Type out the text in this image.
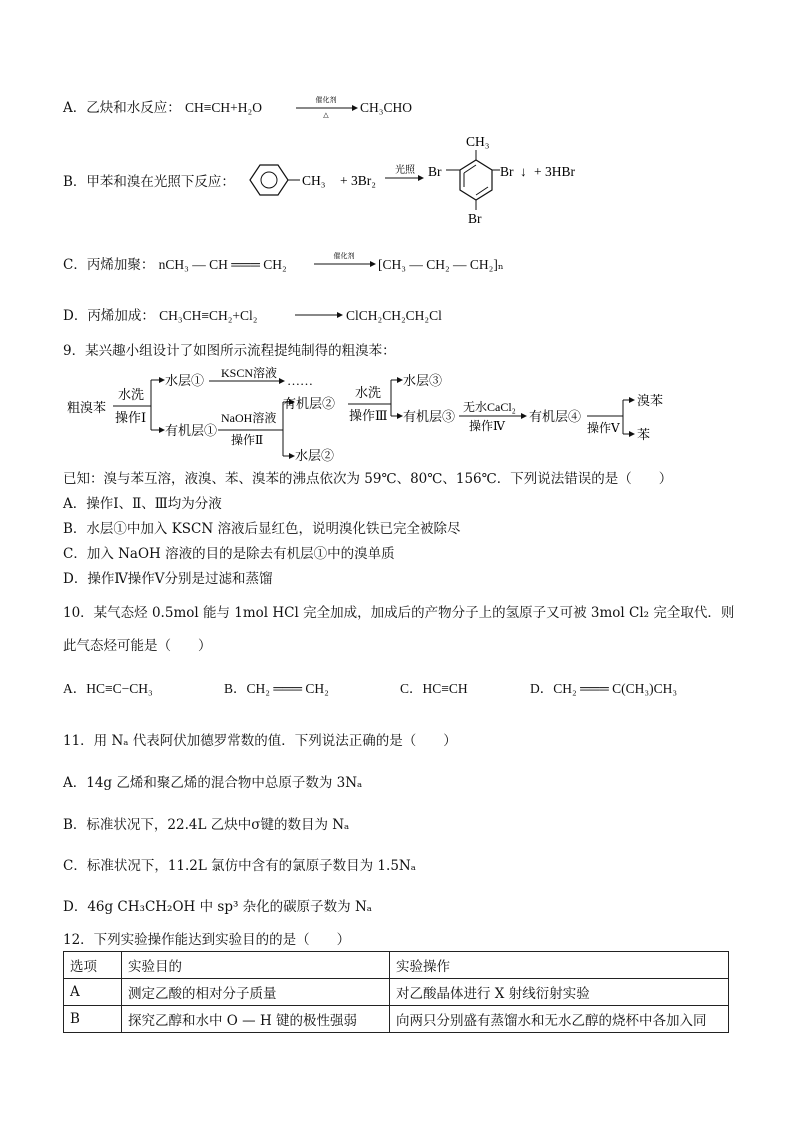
A．乙炔和水反应： CH≡CH+H₂O	催化剂
△ CH₃CHO
B．甲苯和溴在光照下反应：	CH₃ + 3Br₂
光照
CH₃
Br	Br ↓ + 3HBr
Br
C．丙烯加聚： nCH₃ — CH ═══ CH₂
催化剂
[CH₃ — CH₂ — CH₂]ₙ
D．丙烯加成： CH₃CH≡CH₂+Cl₂	ClCH₂CH₂CH₂Cl
9．某兴趣小组设计了如图所示流程提纯制得的粗溴苯：
粗溴苯
水洗
操作Ⅰ
水层① KSCN溶液 ……
有机层①
NaOH溶液
操作Ⅱ
有机层②
水层②
水洗
操作Ⅲ
水层③
有机层③
无水CaCl₂
操作Ⅳ
有机层④
操作Ⅴ
溴苯
苯
已知：溴与苯互溶，液溴、苯、溴苯的沸点依次为 59℃、80℃、156℃．下列说法错误的是（　　）
A．操作Ⅰ、Ⅱ、Ⅲ均为分液
B．水层①中加入 KSCN 溶液后显红色，说明溴化铁已完全被除尽
C．加入 NaOH 溶液的目的是除去有机层①中的溴单质
D．操作Ⅳ操作Ⅴ分别是过滤和蒸馏
10．某气态烃 0.5mol 能与 1mol HCl 完全加成，加成后的产物分子上的氢原子又可被 3mol Cl₂ 完全取代．则
此气态烃可能是（　　）
A．HC≡C−CH₃	B．CH₂ ═══ CH₂	C．HC≡CH	D．CH₂ ═══ C(CH₃)CH₃
11．用 Nₐ 代表阿伏加德罗常数的值．下列说法正确的是（　　）
A．14g 乙烯和聚乙烯的混合物中总原子数为 3Nₐ
B．标准状况下，22.4L 乙炔中σ键的数目为 Nₐ
C．标准状况下，11.2L 氯仿中含有的氯原子数目为 1.5Nₐ
D．46g CH₃CH₂OH 中 sp³ 杂化的碳原子数为 Nₐ
12．下列实验操作能达到实验目的的是（　　）
选项	实验目的	实验操作
A	测定乙酸的相对分子质量	对乙酸晶体进行 X 射线衍射实验
B	探究乙醇和水中 O — H 键的极性强弱	向两只分别盛有蒸馏水和无水乙醇的烧杯中各加入同
